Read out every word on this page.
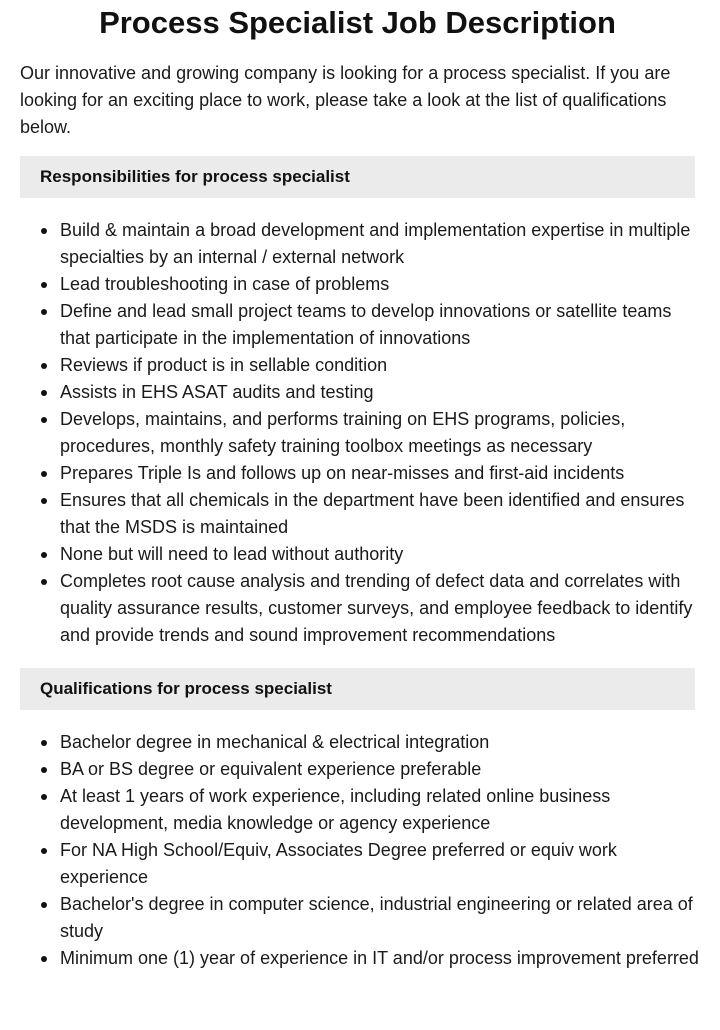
Process Specialist Job Description

Our innovative and growing company is looking for a process specialist. If you are looking for an exciting place to work, please take a look at the list of qualifications below.

Responsibilities for process specialist
Build & maintain a broad development and implementation expertise in multiple specialties by an internal / external network
Lead troubleshooting in case of problems
Define and lead small project teams to develop innovations or satellite teams that participate in the implementation of innovations
Reviews if product is in sellable condition
Assists in EHS ASAT audits and testing
Develops, maintains, and performs training on EHS programs, policies, procedures, monthly safety training toolbox meetings as necessary
Prepares Triple Is and follows up on near-misses and first-aid incidents
Ensures that all chemicals in the department have been identified and ensures that the MSDS is maintained
None but will need to lead without authority
Completes root cause analysis and trending of defect data and correlates with quality assurance results, customer surveys, and employee feedback to identify and provide trends and sound improvement recommendations
Qualifications for process specialist
Bachelor degree in mechanical & electrical integration
BA or BS degree or equivalent experience preferable
At least 1 years of work experience, including related online business development, media knowledge or agency experience
For NA High School/Equiv, Associates Degree preferred or equiv work experience
Bachelor's degree in computer science, industrial engineering or related area of study
Minimum one (1) year of experience in IT and/or process improvement preferred
